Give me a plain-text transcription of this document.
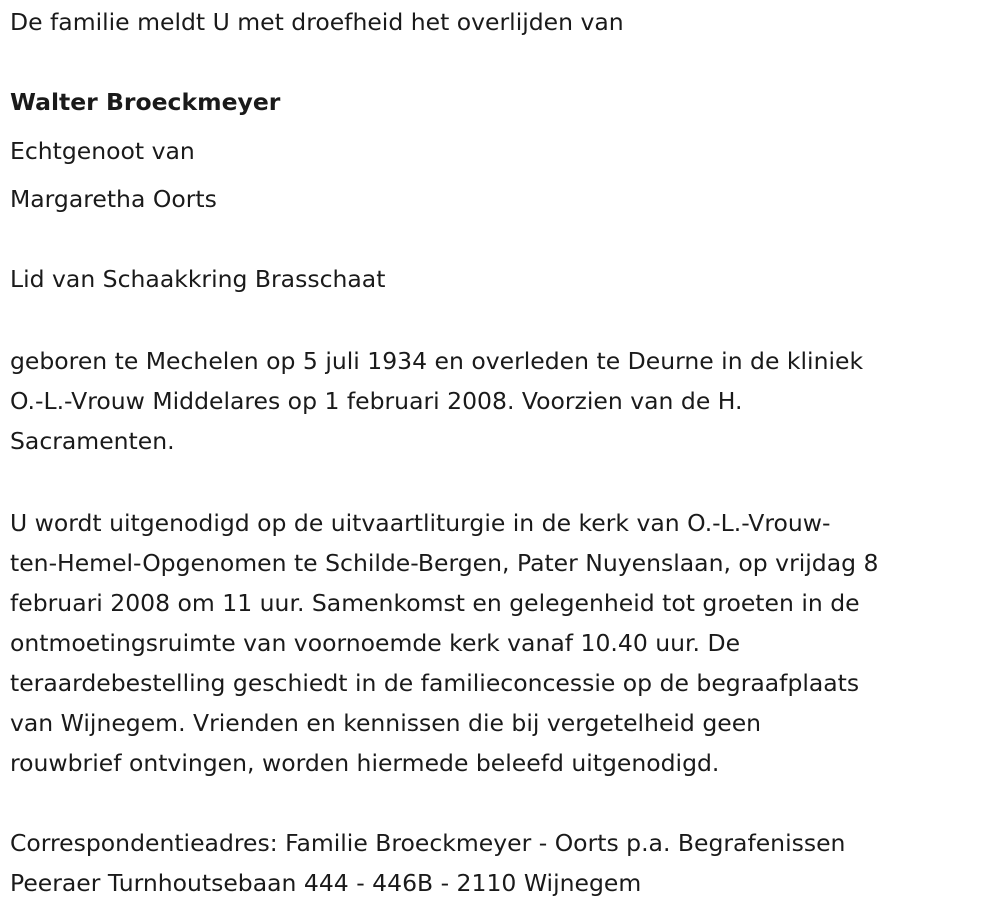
De familie meldt U met droefheid het overlijden van
Walter Broeckmeyer
Echtgenoot van
Margaretha Oorts
Lid van Schaakkring Brasschaat
geboren te Mechelen op 5 juli 1934 en overleden te Deurne in de kliniek
O.-L.-Vrouw Middelares op 1 februari 2008. Voorzien van de H.
Sacramenten.
U wordt uitgenodigd op de uitvaartliturgie in de kerk van O.-L.-Vrouw-
ten-Hemel-Opgenomen te Schilde-Bergen, Pater Nuyenslaan, op vrijdag 8
februari 2008 om 11 uur. Samenkomst en gelegenheid tot groeten in de
ontmoetingsruimte van voornoemde kerk vanaf 10.40 uur. De
teraardebestelling geschiedt in de familieconcessie op de begraafplaats
van Wijnegem. Vrienden en kennissen die bij vergetelheid geen
rouwbrief ontvingen, worden hiermede beleefd uitgenodigd.
Correspondentieadres: Familie Broeckmeyer - Oorts p.a. Begrafenissen
Peeraer Turnhoutsebaan 444 - 446B - 2110 Wijnegem
